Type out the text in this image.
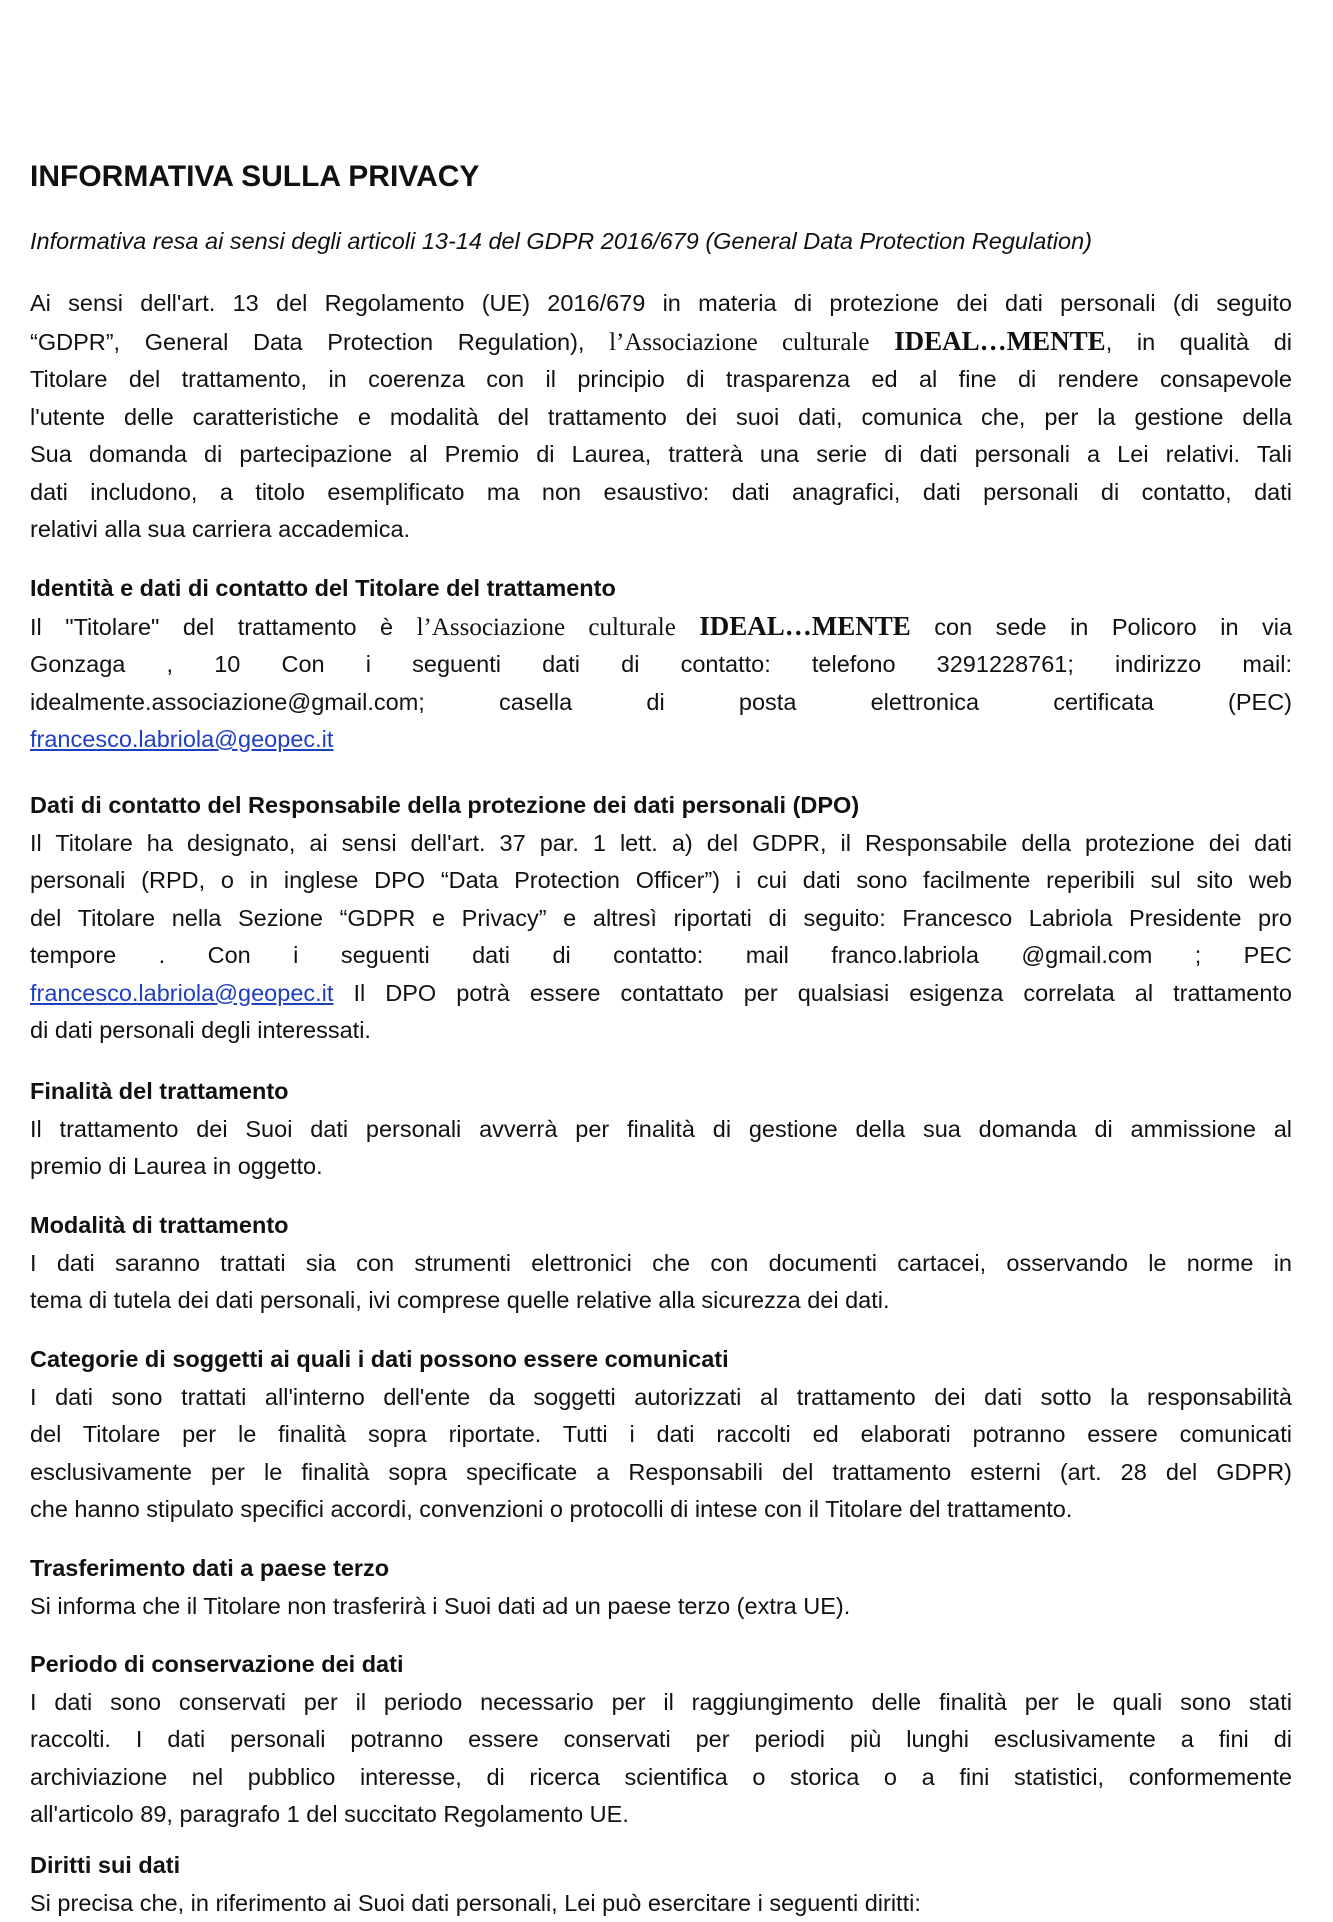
INFORMATIVA SULLA PRIVACY

Informativa resa ai sensi degli articoli 13-14 del GDPR 2016/679 (General Data Protection Regulation)

Ai sensi dell'art. 13 del Regolamento (UE) 2016/679 in materia di protezione dei dati personali (di seguito
“GDPR”, General Data Protection Regulation), l’Associazione culturale IDEAL…MENTE, in qualità di
Titolare del trattamento, in coerenza con il principio di trasparenza ed al fine di rendere consapevole
l'utente delle caratteristiche e modalità del trattamento dei suoi dati, comunica che, per la gestione della
Sua domanda di partecipazione al Premio di Laurea, tratterà una serie di dati personali a Lei relativi. Tali
dati includono, a titolo esemplificato ma non esaustivo: dati anagrafici, dati personali di contatto, dati
relativi alla sua carriera accademica.
Identità e dati di contatto del Titolare del trattamento
Il "Titolare" del trattamento è l’Associazione culturale IDEAL…MENTE con sede in Policoro in via
Gonzaga , 10 Con i seguenti dati di contatto: telefono 3291228761; indirizzo mail:
idealmente.associazione@gmail.com; casella di posta elettronica certificata (PEC)
francesco.labriola@geopec.it
Dati di contatto del Responsabile della protezione dei dati personali (DPO)
Il Titolare ha designato, ai sensi dell'art. 37 par. 1 lett. a) del GDPR, il Responsabile della protezione dei dati
personali (RPD, o in inglese DPO “Data Protection Officer”) i cui dati sono facilmente reperibili sul sito web
del Titolare nella Sezione “GDPR e Privacy” e altresì riportati di seguito: Francesco Labriola Presidente pro
tempore . Con i seguenti dati di contatto: mail franco.labriola @gmail.com ; PEC
francesco.labriola@geopec.it Il DPO potrà essere contattato per qualsiasi esigenza correlata al trattamento
di dati personali degli interessati.
Finalità del trattamento
Il trattamento dei Suoi dati personali avverrà per finalità di gestione della sua domanda di ammissione al
premio di Laurea in oggetto.
Modalità di trattamento
I dati saranno trattati sia con strumenti elettronici che con documenti cartacei, osservando le norme in
tema di tutela dei dati personali, ivi comprese quelle relative alla sicurezza dei dati.
Categorie di soggetti ai quali i dati possono essere comunicati
I dati sono trattati all'interno dell'ente da soggetti autorizzati al trattamento dei dati sotto la responsabilità
del Titolare per le finalità sopra riportate. Tutti i dati raccolti ed elaborati potranno essere comunicati
esclusivamente per le finalità sopra specificate a Responsabili del trattamento esterni (art. 28 del GDPR)
che hanno stipulato specifici accordi, convenzioni o protocolli di intese con il Titolare del trattamento.
Trasferimento dati a paese terzo
Si informa che il Titolare non trasferirà i Suoi dati ad un paese terzo (extra UE).
Periodo di conservazione dei dati
I dati sono conservati per il periodo necessario per il raggiungimento delle finalità per le quali sono stati
raccolti. I dati personali potranno essere conservati per periodi più lunghi esclusivamente a fini di
archiviazione nel pubblico interesse, di ricerca scientifica o storica o a fini statistici, conformemente
all'articolo 89, paragrafo 1 del succitato Regolamento UE.
Diritti sui dati
Si precisa che, in riferimento ai Suoi dati personali, Lei può esercitare i seguenti diritti:
